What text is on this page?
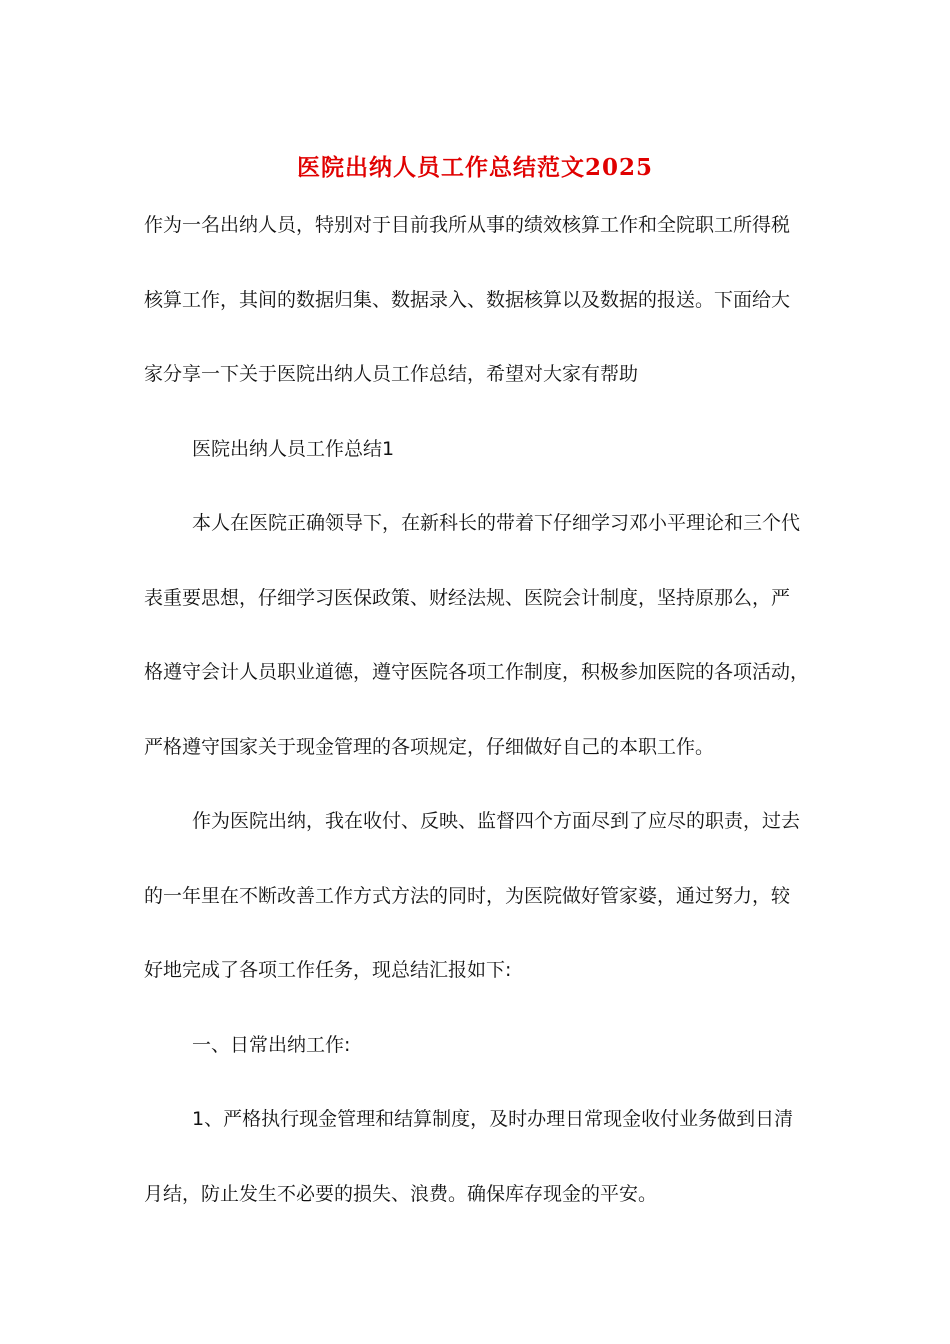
医院出纳人员工作总结范文2025

作为一名出纳人员，特别对于目前我所从事的绩效核算工作和全院职工所得税
核算工作，其间的数据归集、数据录入、数据核算以及数据的报送。下面给大
家分享一下关于医院出纳人员工作总结，希望对大家有帮助

医院出纳人员工作总结1

本人在医院正确领导下，在新科长的带着下仔细学习邓小平理论和三个代
表重要思想，仔细学习医保政策、财经法规、医院会计制度，坚持原那么，严
格遵守会计人员职业道德，遵守医院各项工作制度，积极参加医院的各项活动，
严格遵守国家关于现金管理的各项规定，仔细做好自己的本职工作。

作为医院出纳，我在收付、反映、监督四个方面尽到了应尽的职责，过去
的一年里在不断改善工作方式方法的同时，为医院做好管家婆，通过努力，较
好地完成了各项工作任务，现总结汇报如下:

一、日常出纳工作:

1、严格执行现金管理和结算制度，及时办理日常现金收付业务做到日清
月结，防止发生不必要的损失、浪费。确保库存现金的平安。
